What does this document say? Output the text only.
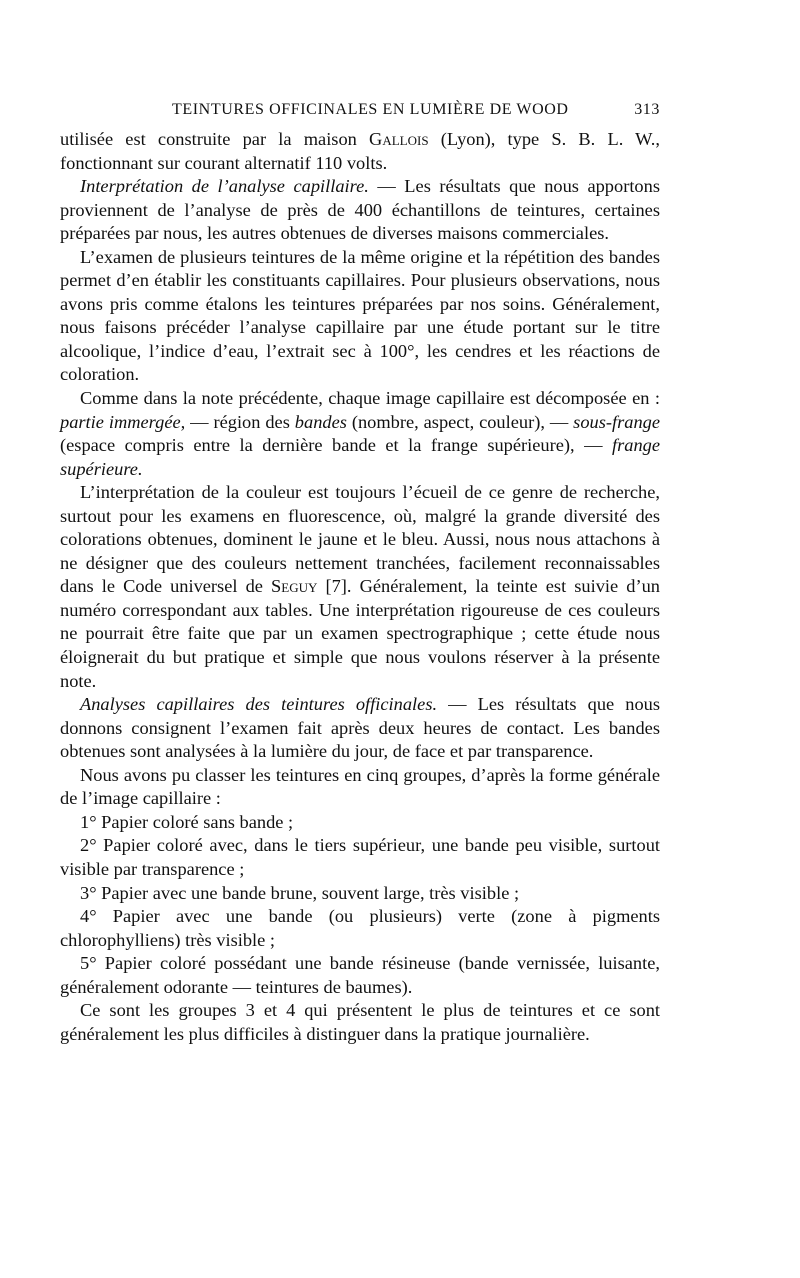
TEINTURES OFFICINALES EN LUMIÈRE DE WOOD	313

utilisée est construite par la maison Gallois (Lyon), type S. B. L. W., fonctionnant sur courant alternatif 110 volts.

Interprétation de l’analyse capillaire. — Les résultats que nous apportons proviennent de l’analyse de près de 400 échantillons de teintures, certaines préparées par nous, les autres obtenues de diverses maisons commerciales.

L’examen de plusieurs teintures de la même origine et la répétition des bandes permet d’en établir les constituants capillaires. Pour plusieurs observations, nous avons pris comme étalons les teintures préparées par nos soins. Généralement, nous faisons précéder l’analyse capillaire par une étude portant sur le titre alcoolique, l’indice d’eau, l’extrait sec à 100°, les cendres et les réactions de coloration.

Comme dans la note précédente, chaque image capillaire est décomposée en : partie immergée, — région des bandes (nombre, aspect, couleur), — sous-frange (espace compris entre la dernière bande et la frange supérieure), — frange supérieure.

L’interprétation de la couleur est toujours l’écueil de ce genre de recherche, surtout pour les examens en fluorescence, où, malgré la grande diversité des colorations obtenues, dominent le jaune et le bleu. Aussi, nous nous attachons à ne désigner que des couleurs nettement tranchées, facilement reconnaissables dans le Code universel de Seguy [7]. Généralement, la teinte est suivie d’un numéro correspondant aux tables. Une interprétation rigoureuse de ces couleurs ne pourrait être faite que par un examen spectrographique ; cette étude nous éloignerait du but pratique et simple que nous voulons réserver à la présente note.

Analyses capillaires des teintures officinales. — Les résultats que nous donnons consignent l’examen fait après deux heures de contact. Les bandes obtenues sont analysées à la lumière du jour, de face et par transparence.

Nous avons pu classer les teintures en cinq groupes, d’après la forme générale de l’image capillaire :

1° Papier coloré sans bande ;

2° Papier coloré avec, dans le tiers supérieur, une bande peu visible, surtout visible par transparence ;

3° Papier avec une bande brune, souvent large, très visible ;

4° Papier avec une bande (ou plusieurs) verte (zone à pigments chlorophylliens) très visible ;

5° Papier coloré possédant une bande résineuse (bande vernissée, luisante, généralement odorante — teintures de baumes).

Ce sont les groupes 3 et 4 qui présentent le plus de teintures et ce sont généralement les plus difficiles à distinguer dans la pratique journalière.
